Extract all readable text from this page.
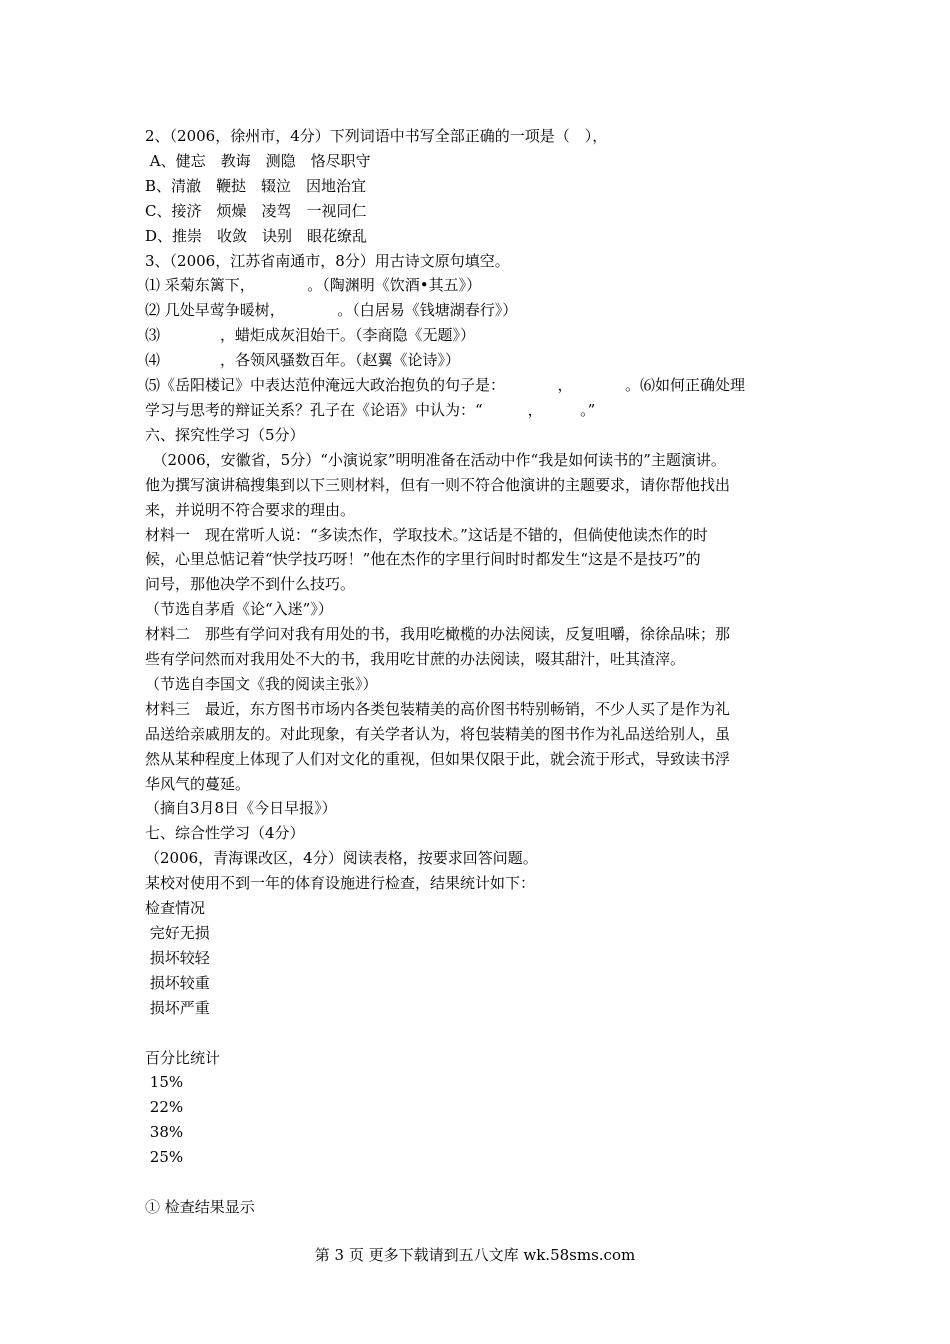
2、（2006，徐州市，4分）下列词语中书写全部正确的一项是（　），

A、健忘　教诲　测隐　恪尽职守

B、清澈　鞭挞　辍泣　因地治宜

C、接济　烦燥　凌驾　一视同仁

D、推崇　收敛　诀别　眼花缭乱

3、（2006，江苏省南通市，8分）用古诗文原句填空。

⑴ 采菊东篱下，　　　　。（陶渊明《饮酒•其五》）

⑵ 几处早莺争暖树，　　　　。（白居易《钱塘湖春行》）

⑶　　　　，蜡炬成灰泪始干。（李商隐《无题》）

⑷　　　　，各领风骚数百年。（赵翼《论诗》）

⑸《岳阳楼记》中表达范仲淹远大政治抱负的句子是：　　　　，　　　　。⑹如何正确处理

学习与思考的辩证关系？孔子在《论语》中认为：“　　　，　　　。”

六、探究性学习（5分）

　（2006，安徽省，5分）“小演说家”明明准备在活动中作“我是如何读书的”主题演讲。

他为撰写演讲稿搜集到以下三则材料，但有一则不符合他演讲的主题要求，请你帮他找出

来，并说明不符合要求的理由。

材料一　现在常听人说：“多读杰作，学取技术。”这话是不错的，但倘使他读杰作的时

候，心里总惦记着“快学技巧呀！”他在杰作的字里行间时时都发生“这是不是技巧”的

问号，那他决学不到什么技巧。

（节选自茅盾《论“入迷”》）

材料二　那些有学问对我有用处的书，我用吃橄榄的办法阅读，反复咀嚼，徐徐品味；那

些有学问然而对我用处不大的书，我用吃甘蔗的办法阅读，啜其甜汁，吐其渣滓。

（节选自李国文《我的阅读主张》）

材料三　最近，东方图书市场内各类包装精美的高价图书特别畅销，不少人买了是作为礼

品送给亲戚朋友的。对此现象，有关学者认为，将包装精美的图书作为礼品送给别人，虽

然从某种程度上体现了人们对文化的重视，但如果仅限于此，就会流于形式，导致读书浮

华风气的蔓延。

（摘自3月8日《今日早报》）

七、综合性学习（4分）

（2006，青海课改区，4分）阅读表格，按要求回答问题。

某校对使用不到一年的体育设施进行检查，结果统计如下：

检查情况

完好无损

损坏较轻

损坏较重

损坏严重

百分比统计

15%

22%

38%

25%

① 检查结果显示

第 3 页 更多下载请到五八文库 wk.58sms.com
